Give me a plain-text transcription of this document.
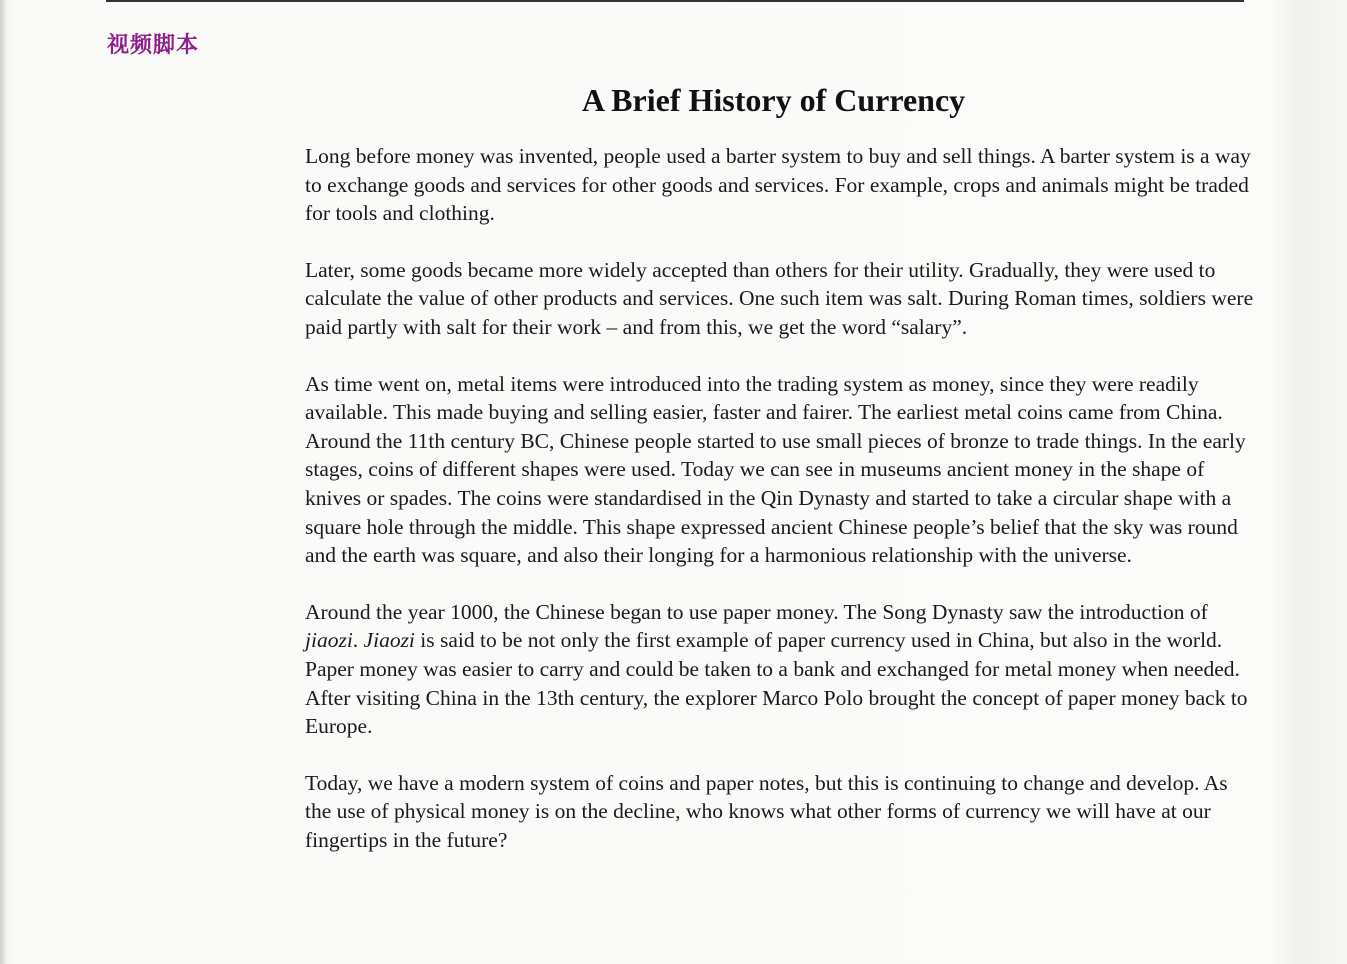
视频脚本
A Brief History of Currency

Long before money was invented, people used a barter system to buy and sell things. A barter system is a way to exchange goods and services for other goods and services. For example, crops and animals might be traded for tools and clothing.

Later, some goods became more widely accepted than others for their utility. Gradually, they were used to calculate the value of other products and services. One such item was salt. During Roman times, soldiers were paid partly with salt for their work – and from this, we get the word “salary”.

As time went on, metal items were introduced into the trading system as money, since they were readily available. This made buying and selling easier, faster and fairer. The earliest metal coins came from China. Around the 11th century BC, Chinese people started to use small pieces of bronze to trade things. In the early stages, coins of different shapes were used. Today we can see in museums ancient money in the shape of knives or spades. The coins were standardised in the Qin Dynasty and started to take a circular shape with a square hole through the middle. This shape expressed ancient Chinese people’s belief that the sky was round and the earth was square, and also their longing for a harmonious relationship with the universe.

Around the year 1000, the Chinese began to use paper money. The Song Dynasty saw the introduction of jiaozi. Jiaozi is said to be not only the first example of paper currency used in China, but also in the world. Paper money was easier to carry and could be taken to a bank and exchanged for metal money when needed. After visiting China in the 13th century, the explorer Marco Polo brought the concept of paper money back to Europe.

Today, we have a modern system of coins and paper notes, but this is continuing to change and develop. As the use of physical money is on the decline, who knows what other forms of currency we will have at our fingertips in the future?
